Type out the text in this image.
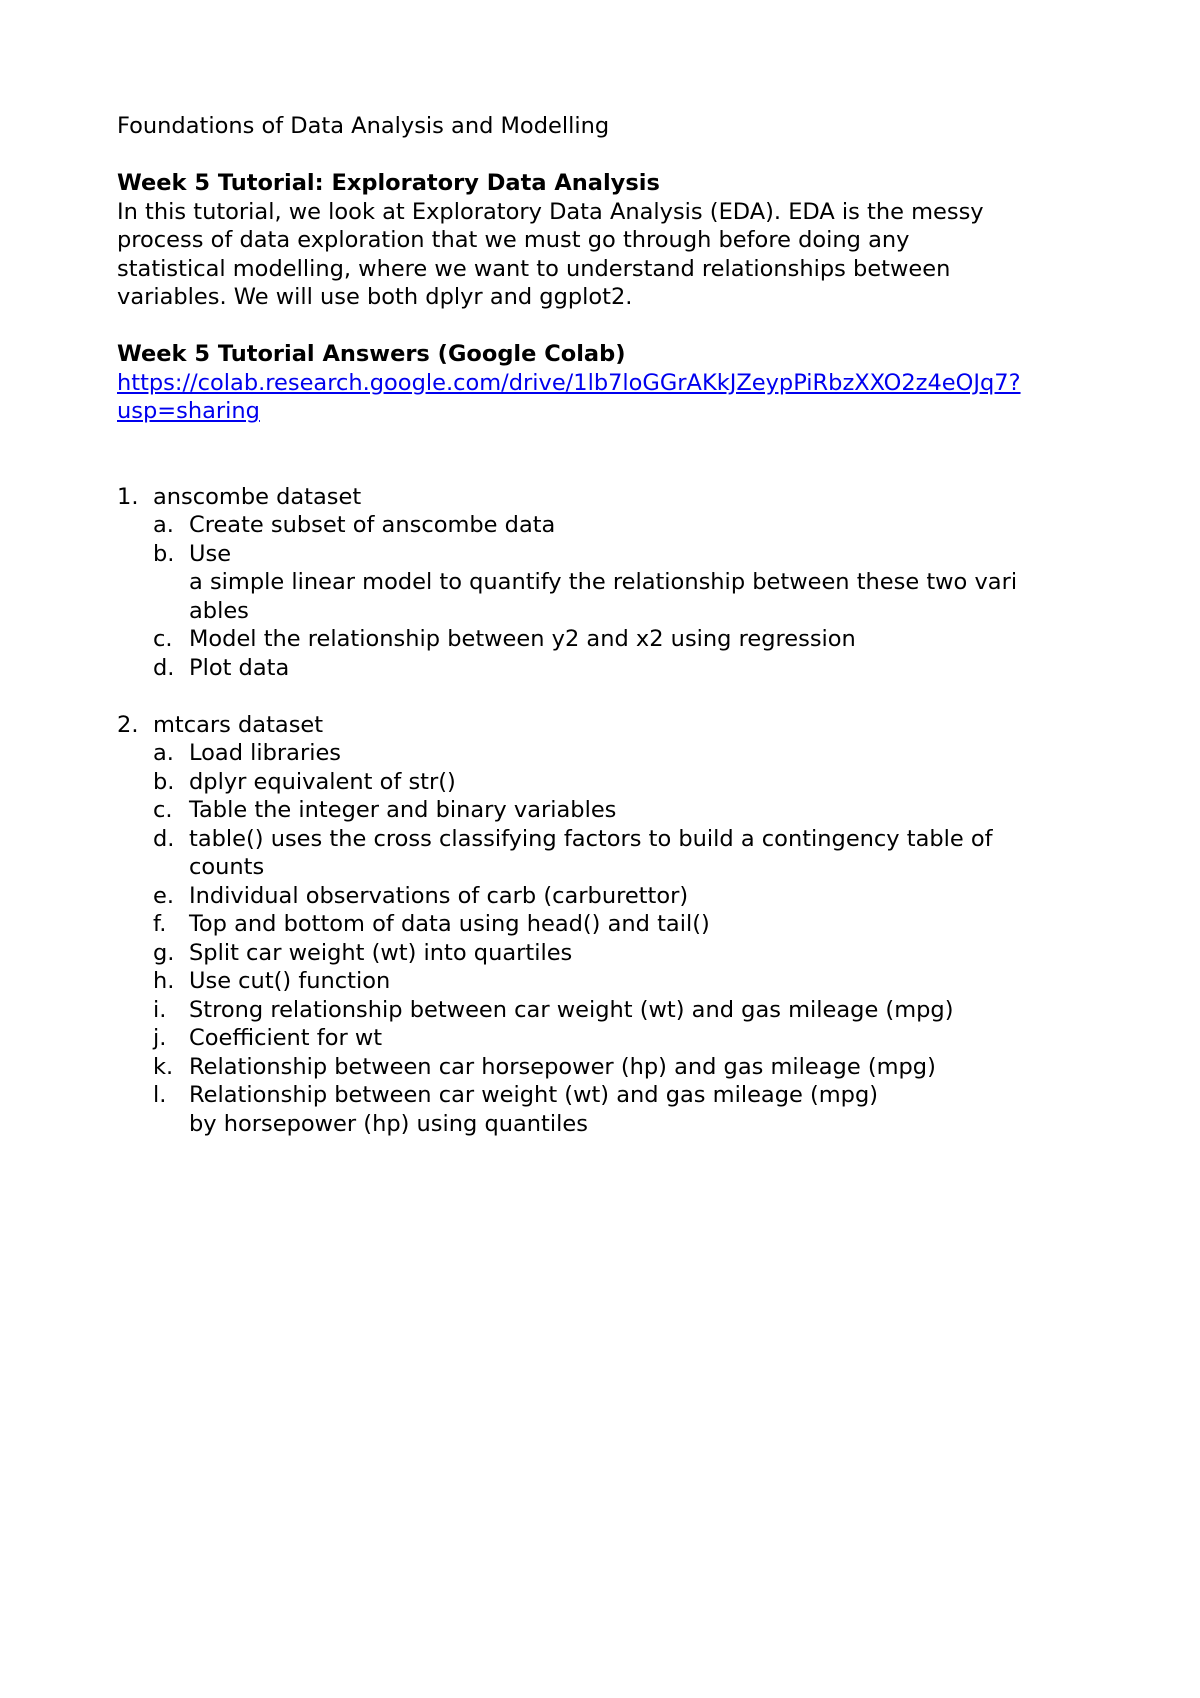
Foundations of Data Analysis and Modelling

Week 5 Tutorial: Exploratory Data Analysis

In this tutorial, we look at Exploratory Data Analysis (EDA). EDA is the messy

process of data exploration that we must go through before doing any

statistical modelling, where we want to understand relationships between

variables. We will use both dplyr and ggplot2.

Week 5 Tutorial Answers (Google Colab)

https://colab.research.google.com/drive/1lb7loGGrAKkJZeypPiRbzXXO2z4eOJq7?
usp=sharing
1. anscombe dataset
a. Create subset of anscombe data
b. Use
a simple linear model to quantify the relationship between these two vari
ables
c. Model the relationship between y2 and x2 using regression
d. Plot data
2. mtcars dataset
a. Load libraries
b. dplyr equivalent of str()
c. Table the integer and binary variables
d. table() uses the cross classifying factors to build a contingency table of
counts
e. Individual observations of carb (carburettor)
f. Top and bottom of data using head() and tail()
g. Split car weight (wt) into quartiles
h. Use cut() function
i. Strong relationship between car weight (wt) and gas mileage (mpg)
j. Coefficient for wt
k. Relationship between car horsepower (hp) and gas mileage (mpg)
l. Relationship between car weight (wt) and gas mileage (mpg)
by horsepower (hp) using quantiles
